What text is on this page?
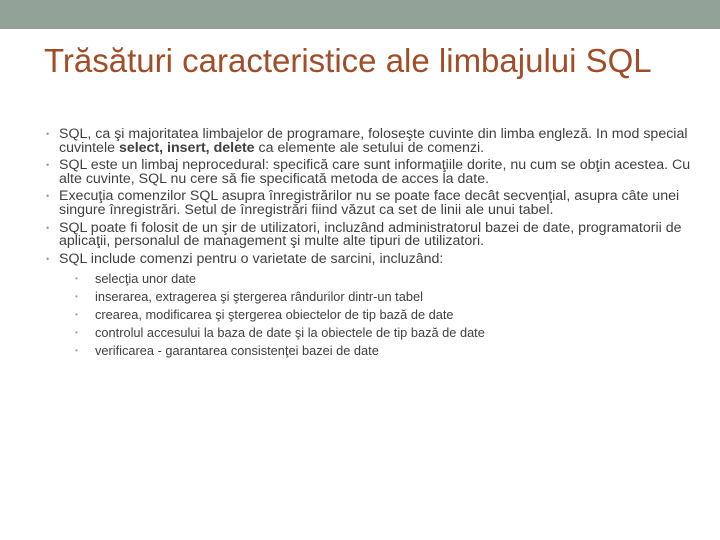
Trăsături caracteristice ale limbajului SQL
• SQL, ca şi majoritatea limbajelor de programare, foloseşte cuvinte din limba engleză. In mod special cuvintele select, insert, delete ca elemente ale setului de comenzi.
• SQL este un limbaj neprocedural: specifică care sunt informaţiile dorite, nu cum se obţin acestea. Cu alte cuvinte, SQL nu cere să fie specificată metoda de acces la date.
• Execuţia comenzilor SQL asupra înregistrărilor nu se poate face decât secvenţial, asupra câte unei singure înregistrări. Setul de înregistrări fiind văzut ca set de linii ale unui tabel.
• SQL poate fi folosit de un şir de utilizatori, incluzând administratorul bazei de date, programatorii de aplicaţii, personalul de management şi multe alte tipuri de utilizatori.
• SQL include comenzi pentru o varietate de sarcini, incluzând:
• selecţia unor date
• inserarea, extragerea şi ştergerea rândurilor dintr-un tabel
• crearea, modificarea şi ştergerea obiectelor de tip bază de date
• controlul accesului la baza de date şi la obiectele de tip bază de date
• verificarea - garantarea consistenţei bazei de date
